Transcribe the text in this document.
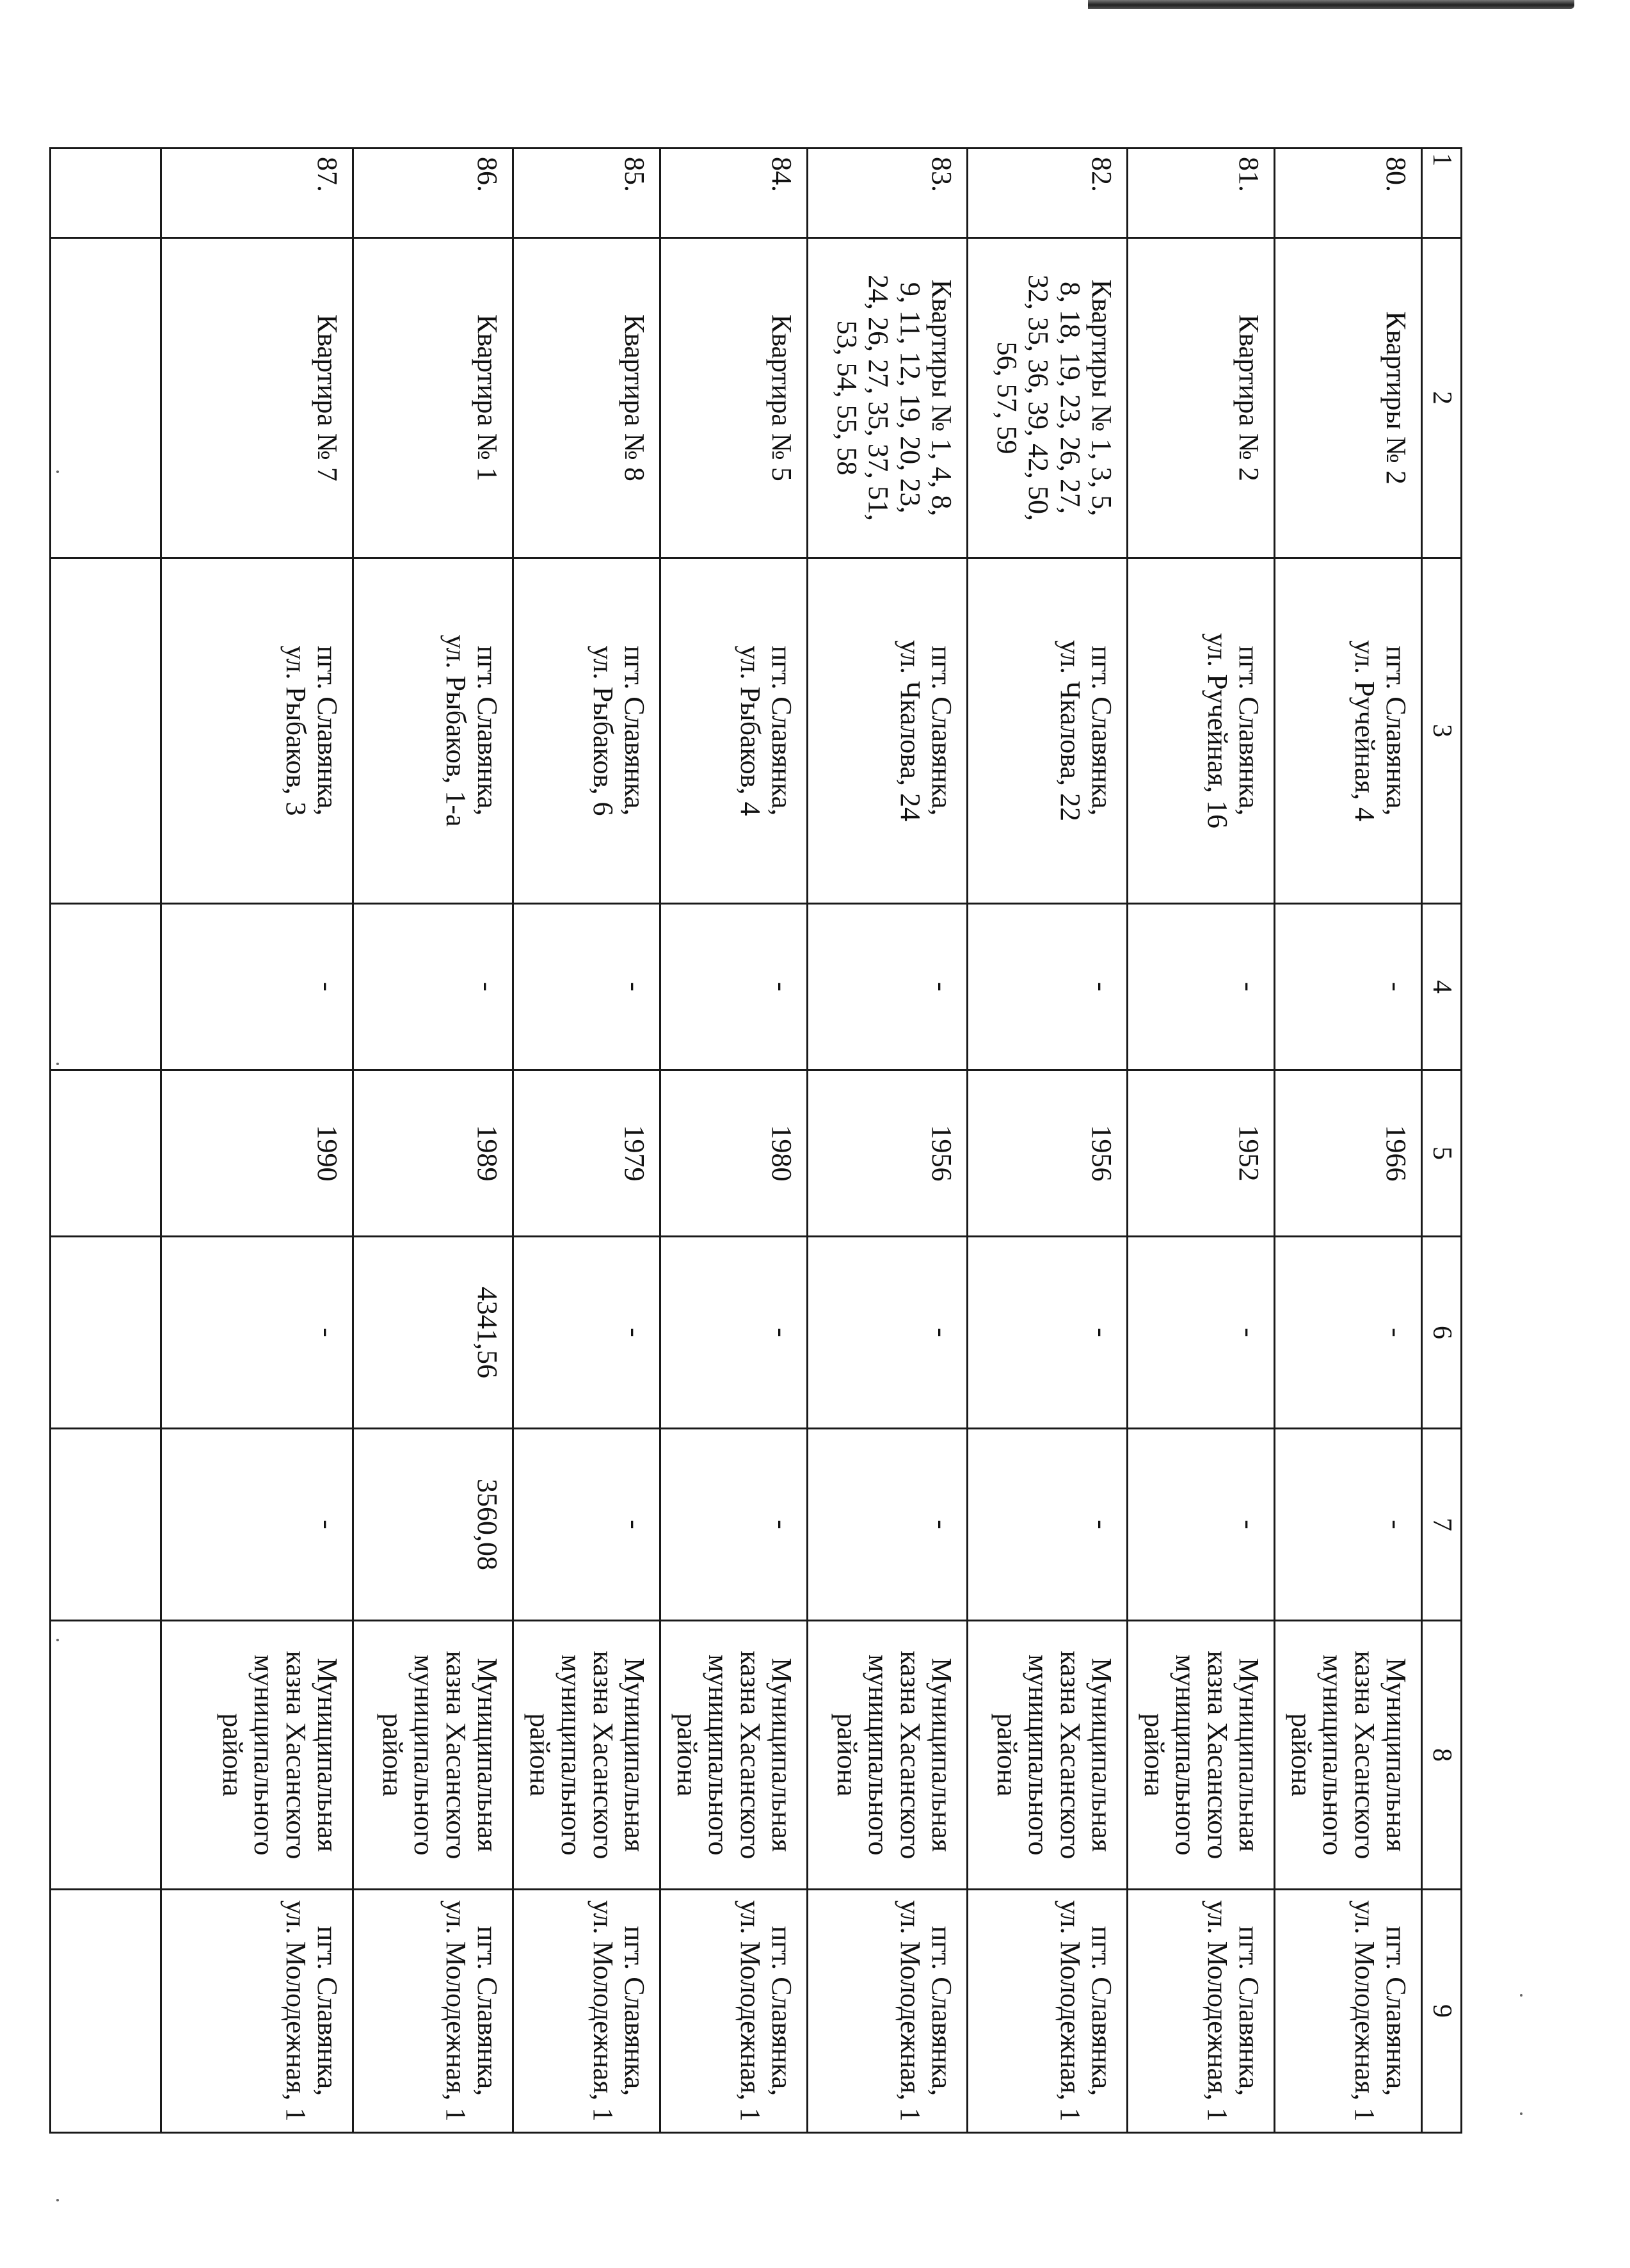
1	2	3	4	5	6	7	8	9
80.	Квартиры № 2	пгт. Славянка,
ул. Ручейная, 4	-	1966	-	-	Муниципальная
казна Хасанского
муниципального
района	пгт. Славянка,
ул. Молодежная, 1
81.	Квартира № 2	пгт. Славянка,
ул. Ручейная, 16	-	1952	-	-	Муниципальная
казна Хасанского
муниципального
района	пгт. Славянка,
ул. Молодежная, 1
82.	Квартиры № 1, 3, 5,
8, 18, 19, 23, 26, 27,
32, 35, 36, 39, 42, 50,
56, 57, 59	пгт. Славянка,
ул. Чкалова, 22	-	1956	-	-	Муниципальная
казна Хасанского
муниципального
района	пгт. Славянка,
ул. Молодежная, 1
83.	Квартиры № 1, 4, 8,
9, 11, 12, 19, 20, 23,
24, 26, 27, 35, 37, 51,
53, 54, 55, 58	пгт. Славянка,
ул. Чкалова, 24	-	1956	-	-	Муниципальная
казна Хасанского
муниципального
района	пгт. Славянка,
ул. Молодежная, 1
84.	Квартира № 5	пгт. Славянка,
ул. Рыбаков, 4	-	1980	-	-	Муниципальная
казна Хасанского
муниципального
района	пгт. Славянка,
ул. Молодежная, 1
85.	Квартира № 8	пгт. Славянка,
ул. Рыбаков, 6	-	1979	-	-	Муниципальная
казна Хасанского
муниципального
района	пгт. Славянка,
ул. Молодежная, 1
86.	Квартира № 1	пгт. Славянка,
ул. Рыбаков, 1-а	-	1989	4341,56	3560,08	Муниципальная
казна Хасанского
муниципального
района	пгт. Славянка,
ул. Молодежная, 1
87.	Квартира № 7	пгт. Славянка,
ул. Рыбаков, 3	-	1990	-	-	Муниципальная
казна Хасанского
муниципального
района	пгт. Славянка,
ул. Молодежная, 1
